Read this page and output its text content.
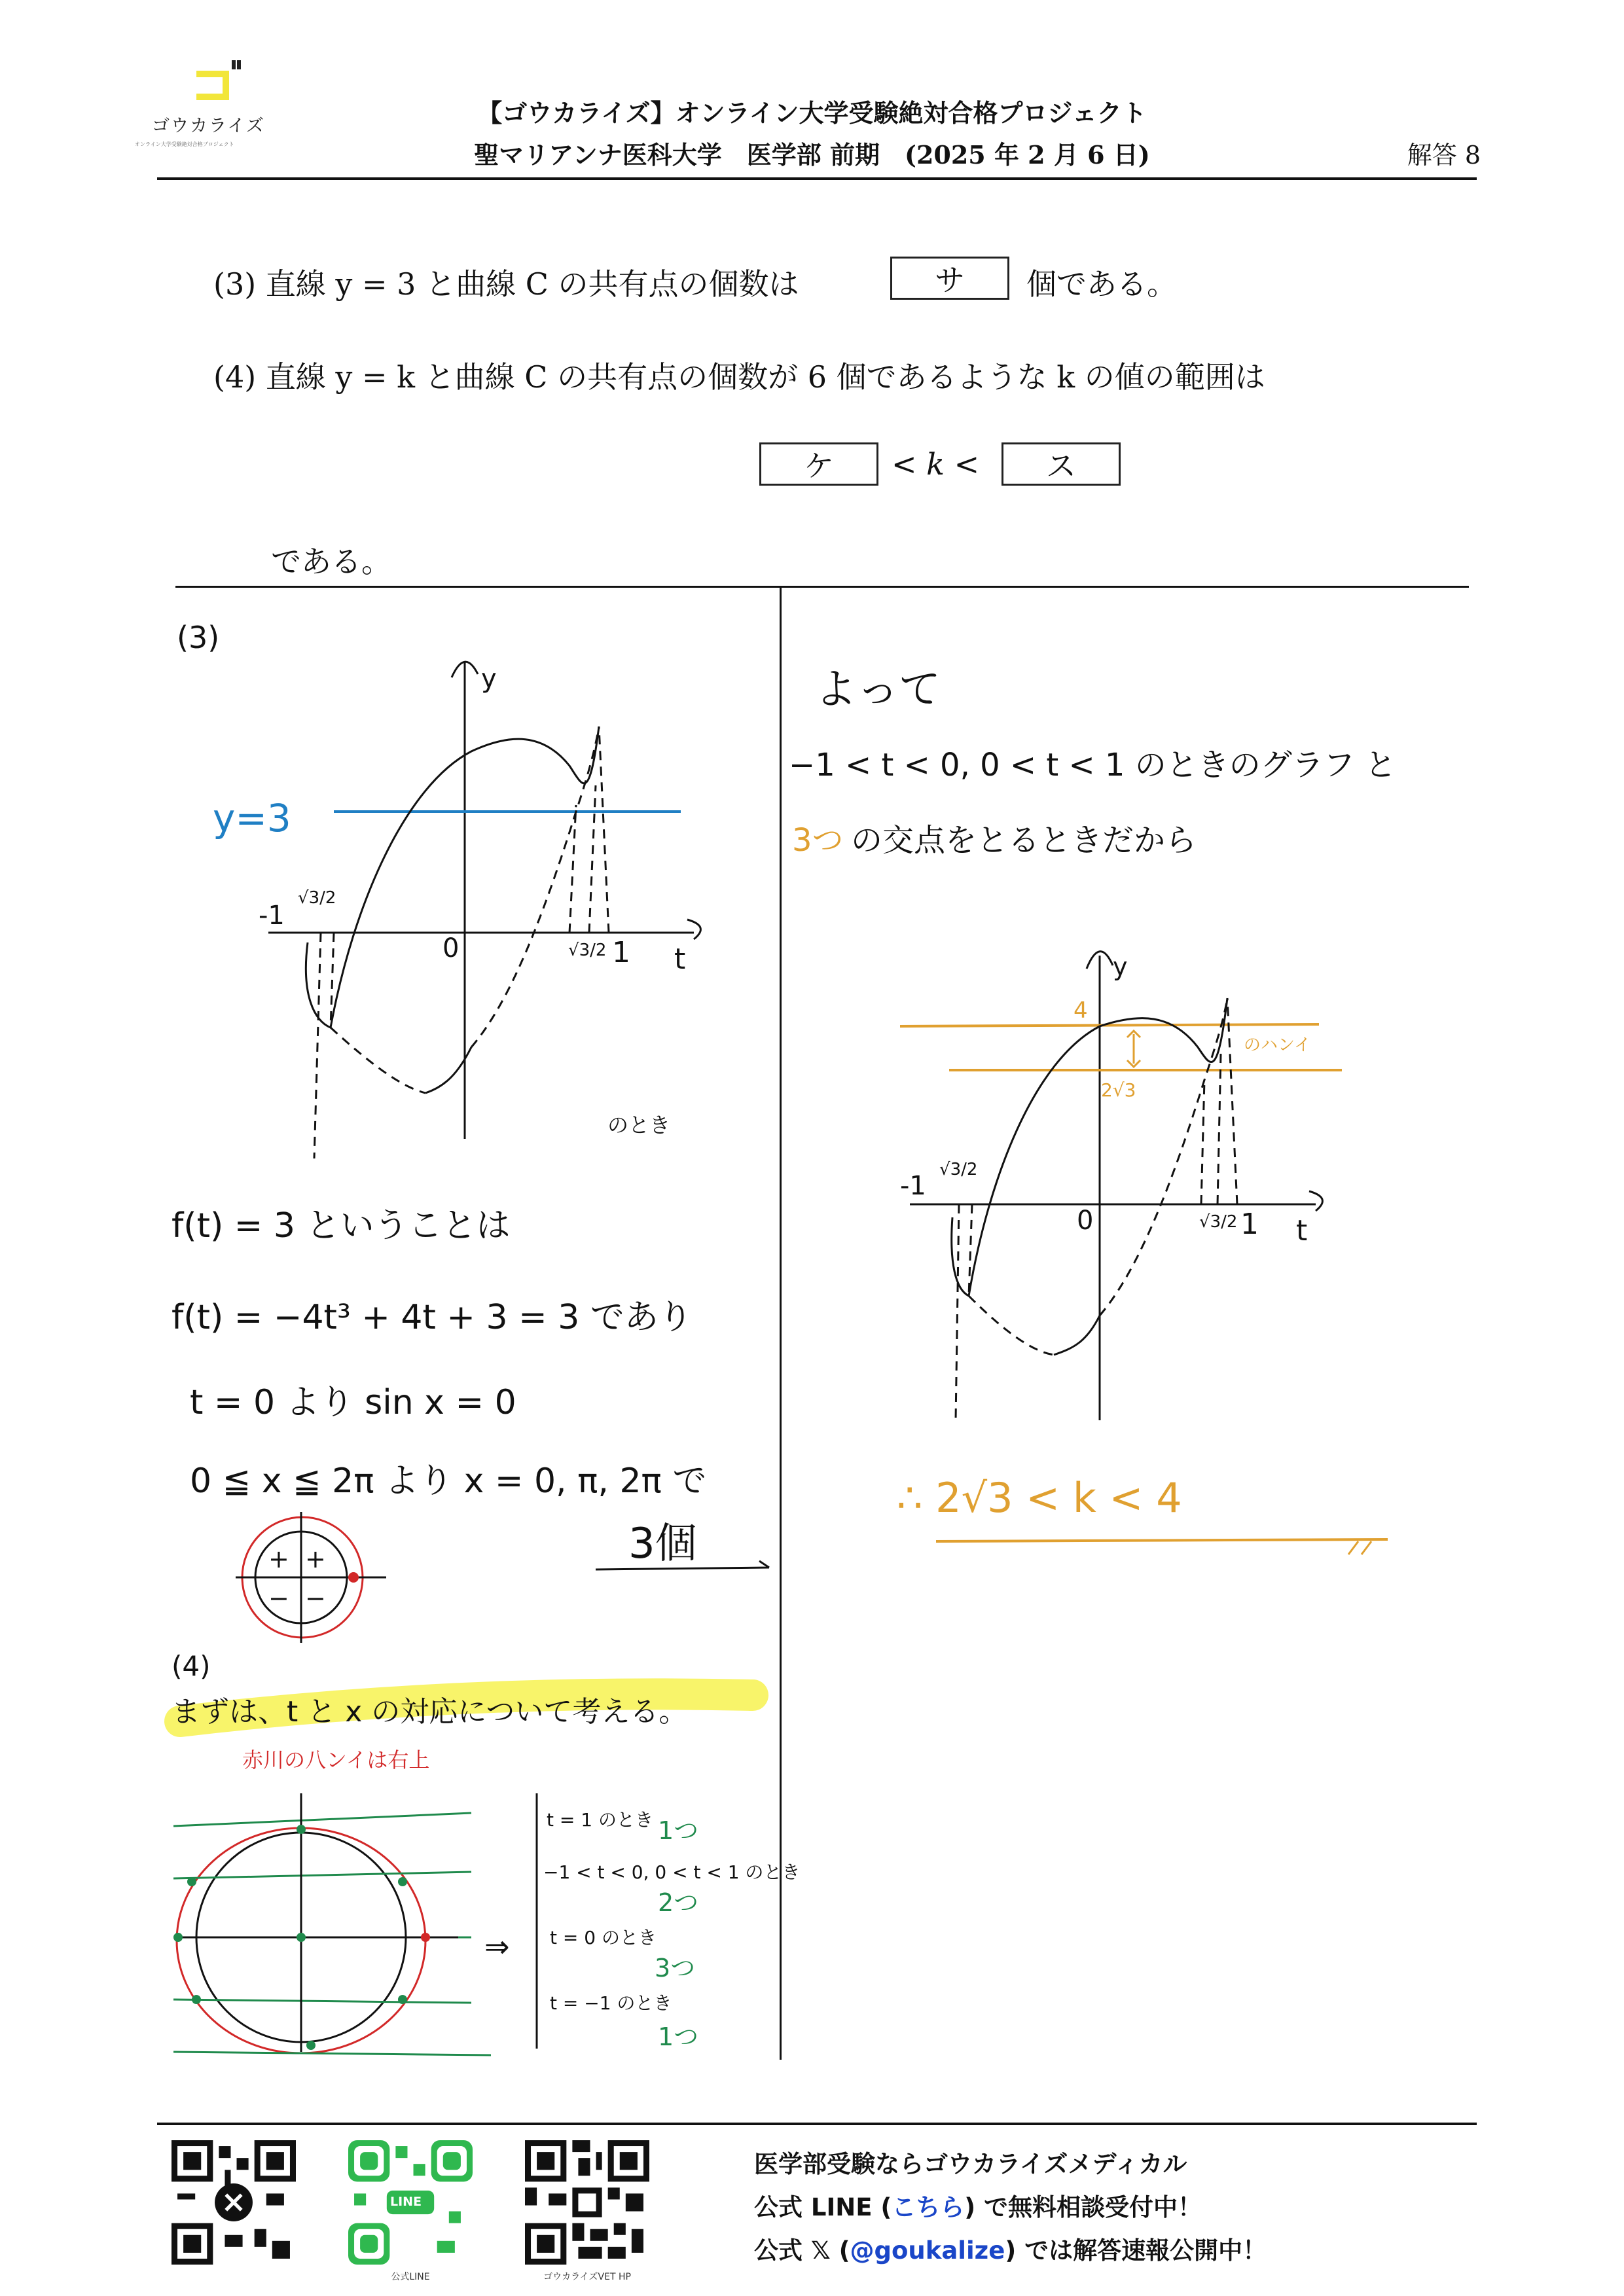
ゴウカライズ
オンライン大学受験絶対合格プロジェクト
【ゴウカライズ】オンライン大学受験絶対合格プロジェクト
聖マリアンナ医科大学　医学部 前期　(2025 年 2 月 6 日)	解答 8
(3) 直線 y = 3 と曲線 C の共有点の個数は	サ	個である。
(4) 直線 y = k と曲線 C の共有点の個数が 6 個であるような k の値の範囲は
ケ	< k <	ス
である。
(3)
y
t
y=3
-1
√3/2
0	√3/2 1
のとき
f(t) = 3 ということは
f(t) = −4t³ + 4t + 3 = 3 であり
t = 0 より sin x = 0
0 ≦ x ≦ 2π より x = 0, π, 2π で
+ +
− −
3個
(4)
まずは、t と x の対応について考える。
赤川の八ンイは右上
⇒
t = 1 のとき 1つ
−1 < t < 0, 0 < t < 1 のとき
2つ
t = 0 のとき
3つ
t = −1 のとき
1つ
よって
−1 < t < 0, 0 < t < 1 のときのグラフ と
3つ の交点をとるときだから
y
t
4
2√3
のハンイ
-1
√3/2
0	√3/2 1
∴ 2√3 < k < 4
LINE
公式LINE	ゴウカライズVET HP
医学部受験ならゴウカライズメディカル
公式 LINE (こちら) で無料相談受付中！
公式 𝕏 (@goukalize) では解答速報公開中！
